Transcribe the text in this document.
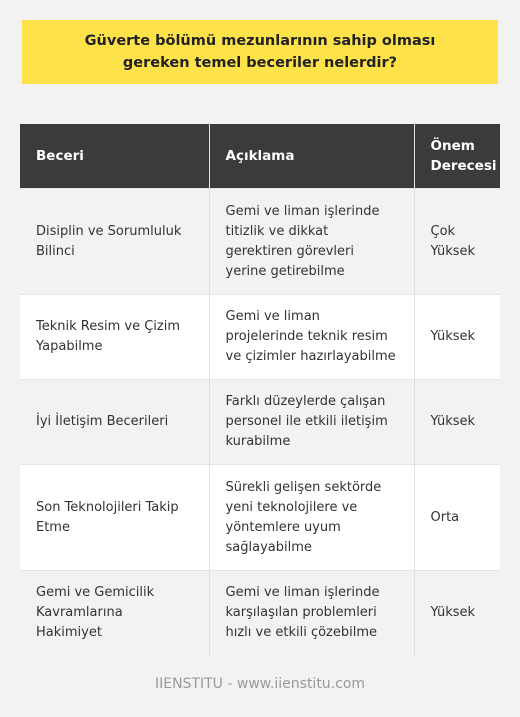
Güverte bölümü mezunlarının sahip olması gereken temel beceriler nelerdir?
Beceri	Açıklama	Önem Derecesi
Disiplin ve Sorumluluk Bilinci	Gemi ve liman işlerinde titizlik ve dikkat gerektiren görevleri yerine getirebilme	Çok Yüksek
Teknik Resim ve Çizim Yapabilme	Gemi ve liman projelerinde teknik resim ve çizimler hazırlayabilme	Yüksek
İyi İletişim Becerileri	Farklı düzeylerde çalışan personel ile etkili iletişim kurabilme	Yüksek
Son Teknolojileri Takip Etme	Sürekli gelişen sektörde yeni teknolojilere ve yöntemlere uyum sağlayabilme	Orta
Gemi ve Gemicilik Kavramlarına Hakimiyet	Gemi ve liman işlerinde karşılaşılan problemleri hızlı ve etkili çözebilme	Yüksek
IIENSTITU - www.iienstitu.com
